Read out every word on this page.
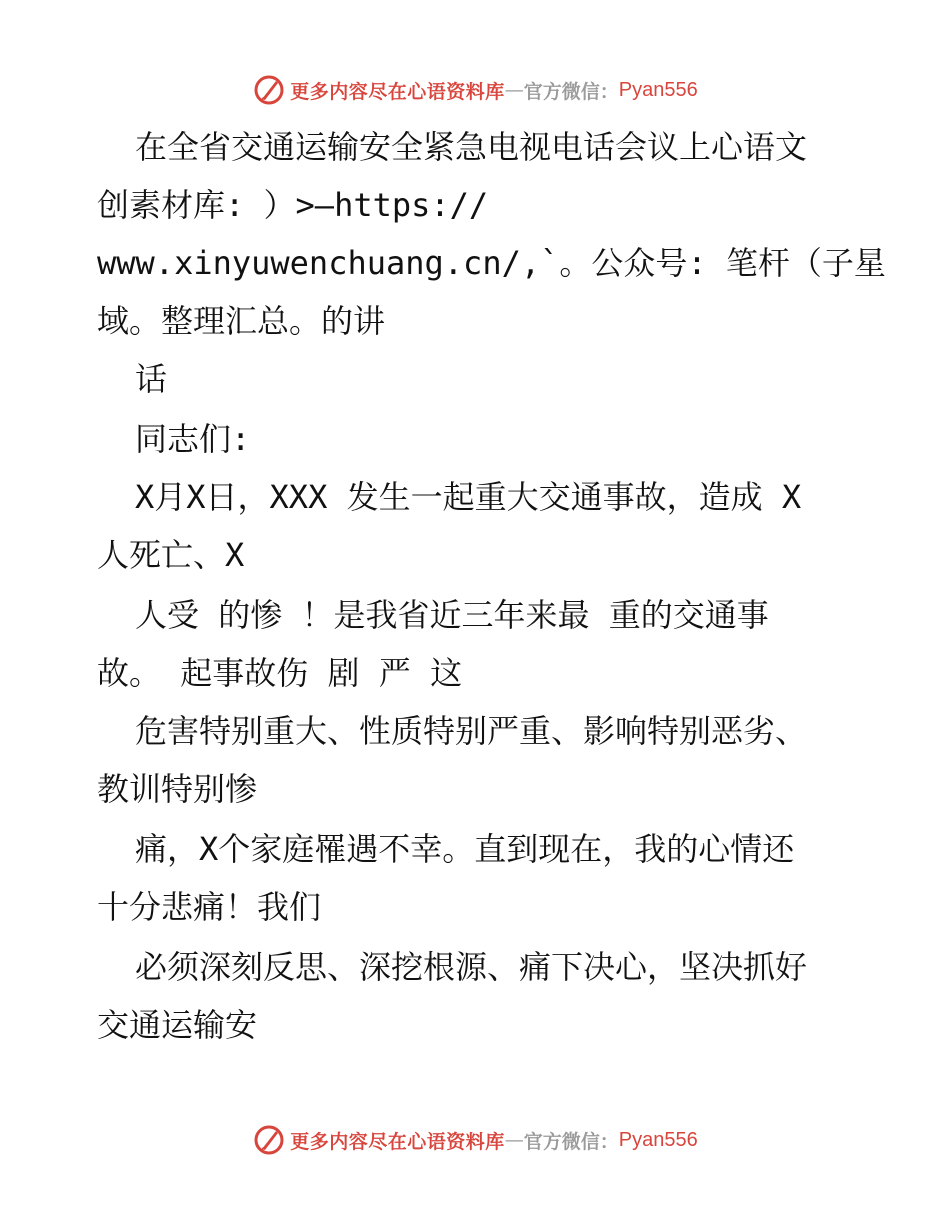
更多内容尽在心语资料库 — 官方微信： Pyan556
在全省交通运输安全紧急电视电话会议上心语文
创素材库: ）>—https://
www.xinyuwenchuang.cn/,`。公众号: 笔杆（子星
域。整理汇总。的讲
话
同志们:
X月X日，XXX 发生一起重大交通事故，造成 X
人死亡、X
人受 的惨 ！是我省近三年来最 重的交通事
故。 起事故伤 剧 严 这
危害特别重大、性质特别严重、影响特别恶劣、
教训特别惨
痛，X个家庭罹遇不幸。直到现在，我的心情还
十分悲痛！我们
必须深刻反思、深挖根源、痛下决心，坚决抓好
交通运输安
更多内容尽在心语资料库 — 官方微信： Pyan556
